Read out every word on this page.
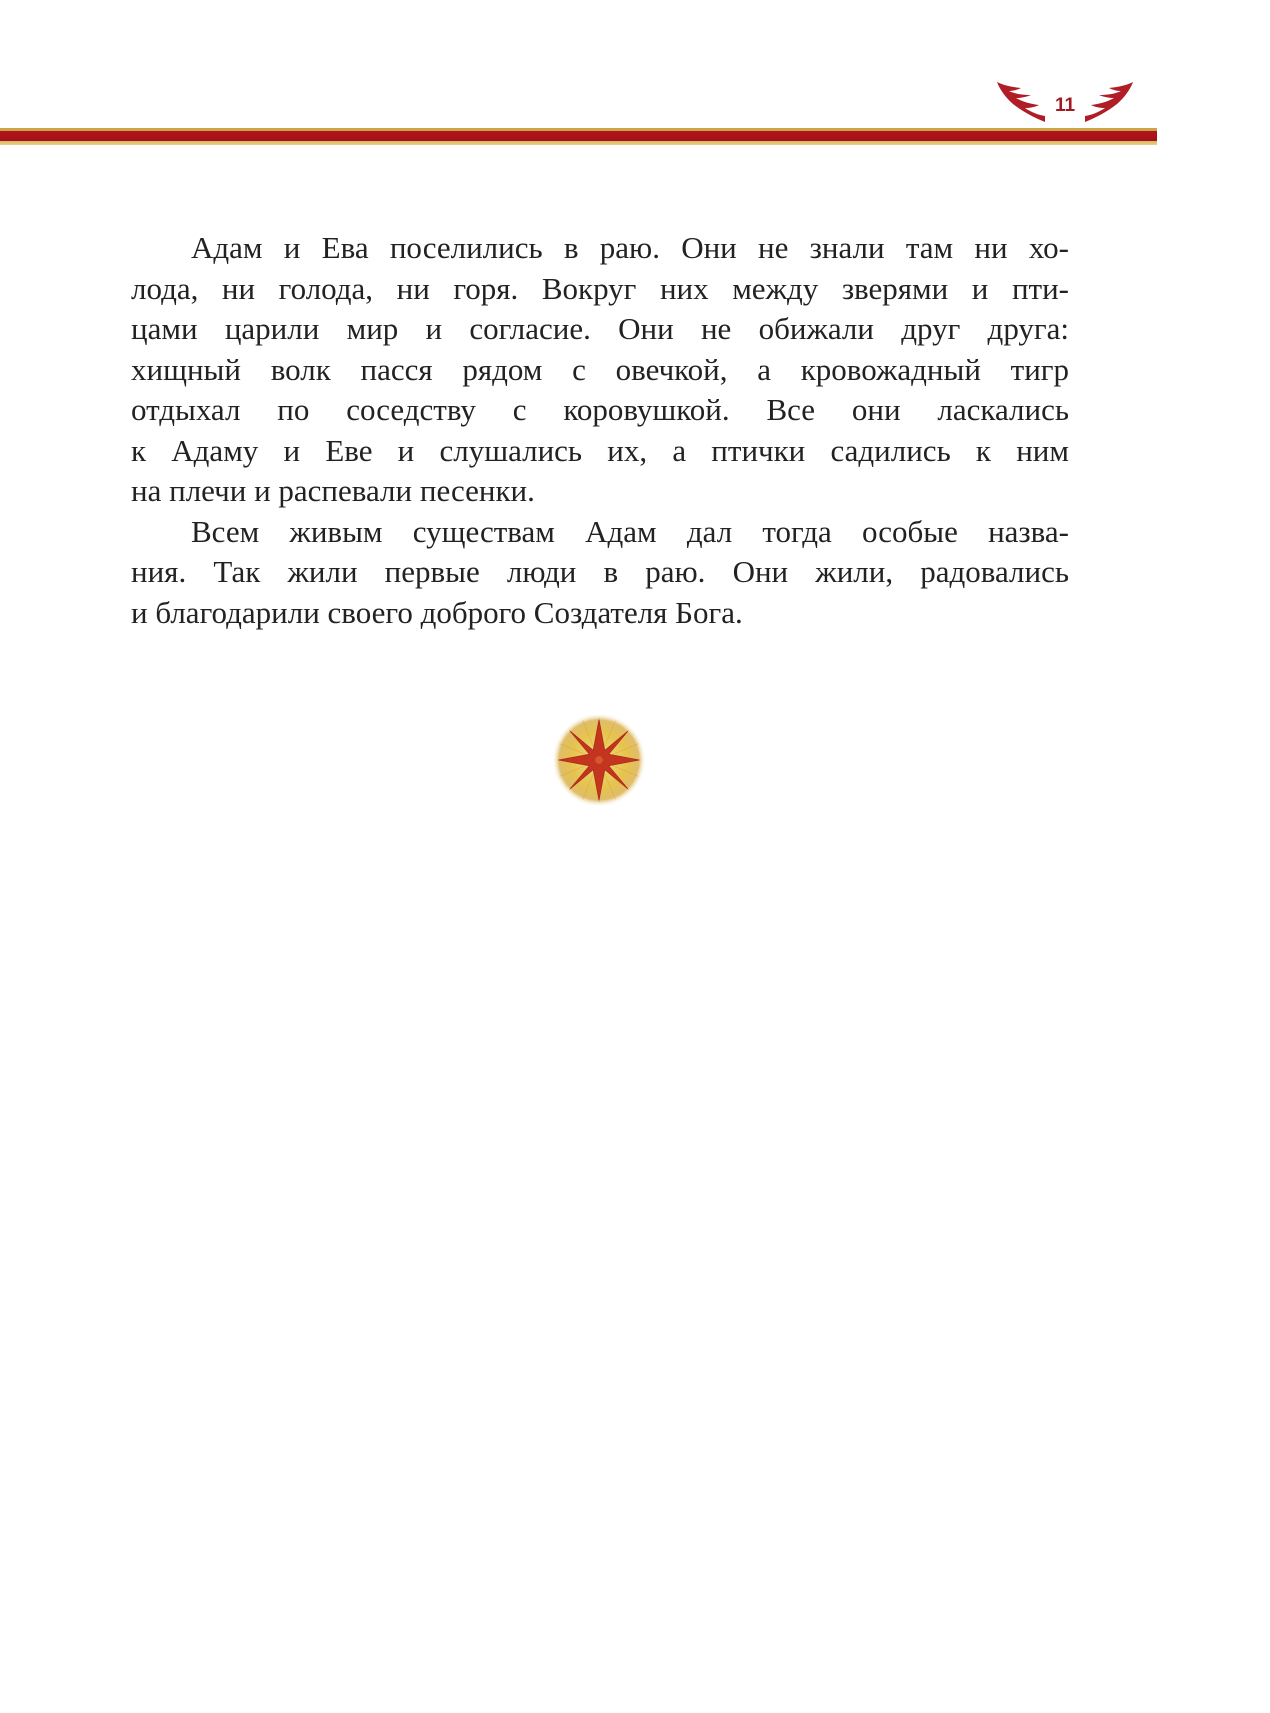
11
Адам и Ева поселились в раю. Они не знали там ни хо-
лода, ни голода, ни горя. Вокруг них между зверями и пти-
цами царили мир и согласие. Они не обижали друг друга:
хищный волк пасся рядом с овечкой, а кровожадный тигр
отдыхал по соседству с коровушкой. Все они ласкались
к Адаму и Еве и слушались их, а птички садились к ним
на плечи и распевали песенки.
Всем живым существам Адам дал тогда особые назва-
ния. Так жили первые люди в раю. Они жили, радовались
и благодарили своего доброго Создателя Бога.
